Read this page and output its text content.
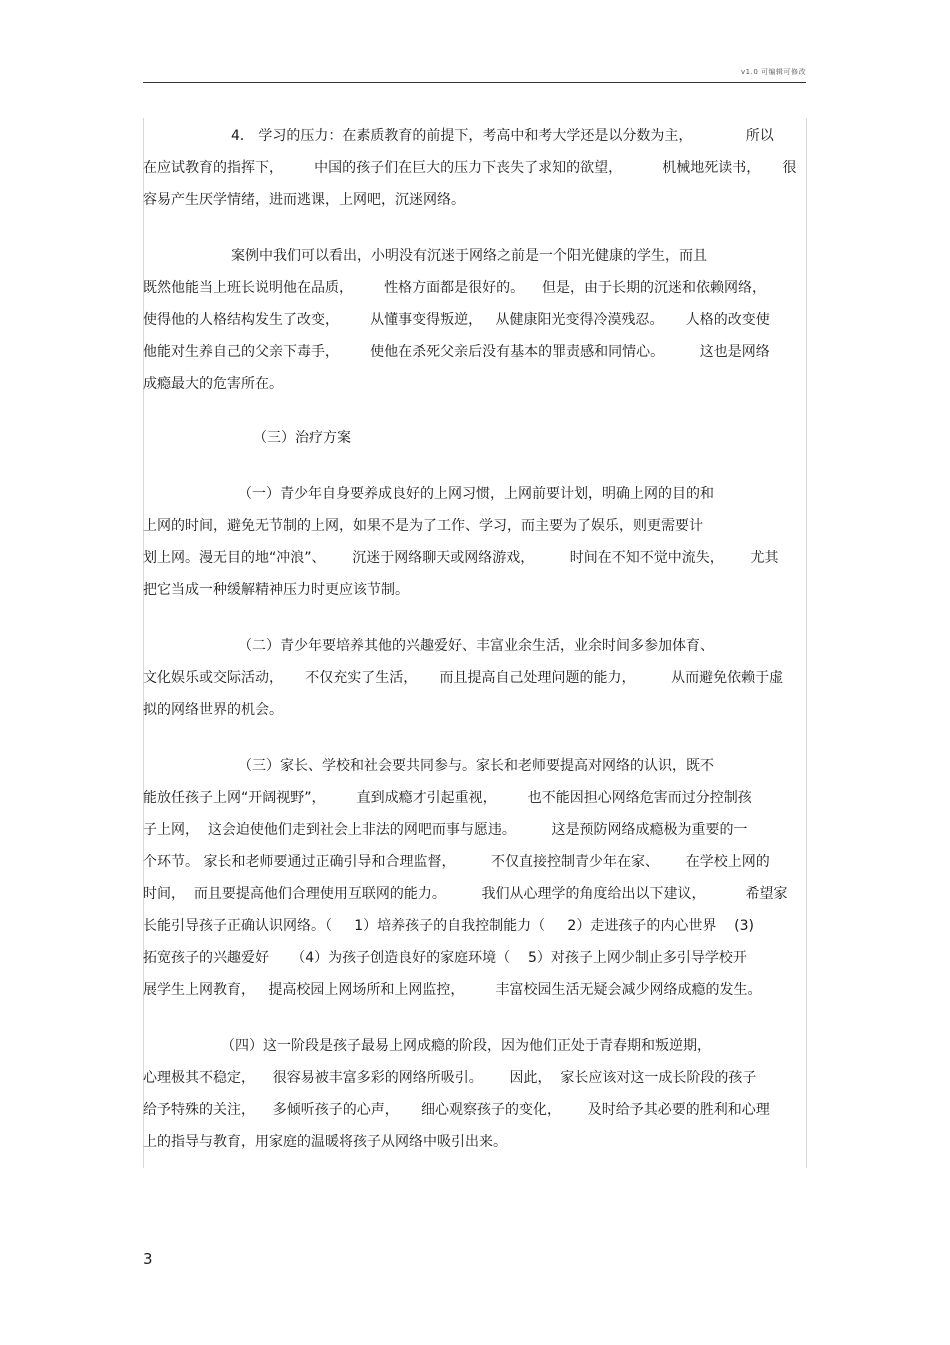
v1.0 可编辑可修改
4． 学习的压力：在素质教育的前提下，考高中和考大学还是以分数为主，            所以
在应试教育的指挥下，       中国的孩子们在巨大的压力下丧失了求知的欲望，         机械地死读书，     很
容易产生厌学情绪，进而逃课，上网吧，沉迷网络。
案例中我们可以看出，小明没有沉迷于网络之前是一个阳光健康的学生，而且
既然他能当上班长说明他在品质，       性格方面都是很好的。    但是，由于长期的沉迷和依赖网络，
使得他的人格结构发生了改变，       从懂事变得叛逆，   从健康阳光变得冷漠残忍。     人格的改变使
他能对生养自己的父亲下毒手，       使他在杀死父亲后没有基本的罪责感和同情心。        这也是网络
成瘾最大的危害所在。
（三）治疗方案
（一）青少年自身要养成良好的上网习惯，上网前要计划，明确上网的目的和
上网的时间，避免无节制的上网，如果不是为了工作、学习，而主要为了娱乐，则更需要计
划上网。漫无目的地“冲浪”、      沉迷于网络聊天或网络游戏，        时间在不知不觉中流失，      尤其
把它当成一种缓解精神压力时更应该节制。
（二）青少年要培养其他的兴趣爱好、丰富业余生活，业余时间多参加体育、
文化娱乐或交际活动，     不仅充实了生活，     而且提高自己处理问题的能力，        从而避免依赖于虚
拟的网络世界的机会。
（三）家长、学校和社会要共同参与。家长和老师要提高对网络的认识，既不
能放任孩子上网“开阔视野”，       直到成瘾才引起重视，       也不能因担心网络危害而过分控制孩
子上网，  这会迫使他们走到社会上非法的网吧而事与愿违。        这是预防网络成瘾极为重要的一
个环节。 家长和老师要通过正确引导和合理监督，        不仅直接控制青少年在家、      在学校上网的
时间，  而且要提高他们合理使用互联网的能力。        我们从心理学的角度给出以下建议，         希望家
长能引导孩子正确认识网络。（     1）培养孩子的自我控制能力（     2）走进孩子的内心世界    (3)
拓宽孩子的兴趣爱好     （4）为孩子创造良好的家庭环境（    5）对孩子上网少制止多引导学校开
展学生上网教育，   提高校园上网场所和上网监控，       丰富校园生活无疑会减少网络成瘾的发生。
（四）这一阶段是孩子最易上网成瘾的阶段，因为他们正处于青春期和叛逆期，
心理极其不稳定，    很容易被丰富多彩的网络所吸引。      因此，  家长应该对这一成长阶段的孩子
给予特殊的关注，    多倾听孩子的心声，     细心观察孩子的变化，      及时给予其必要的胜利和心理
上的指导与教育，用家庭的温暖将孩子从网络中吸引出来。
3
